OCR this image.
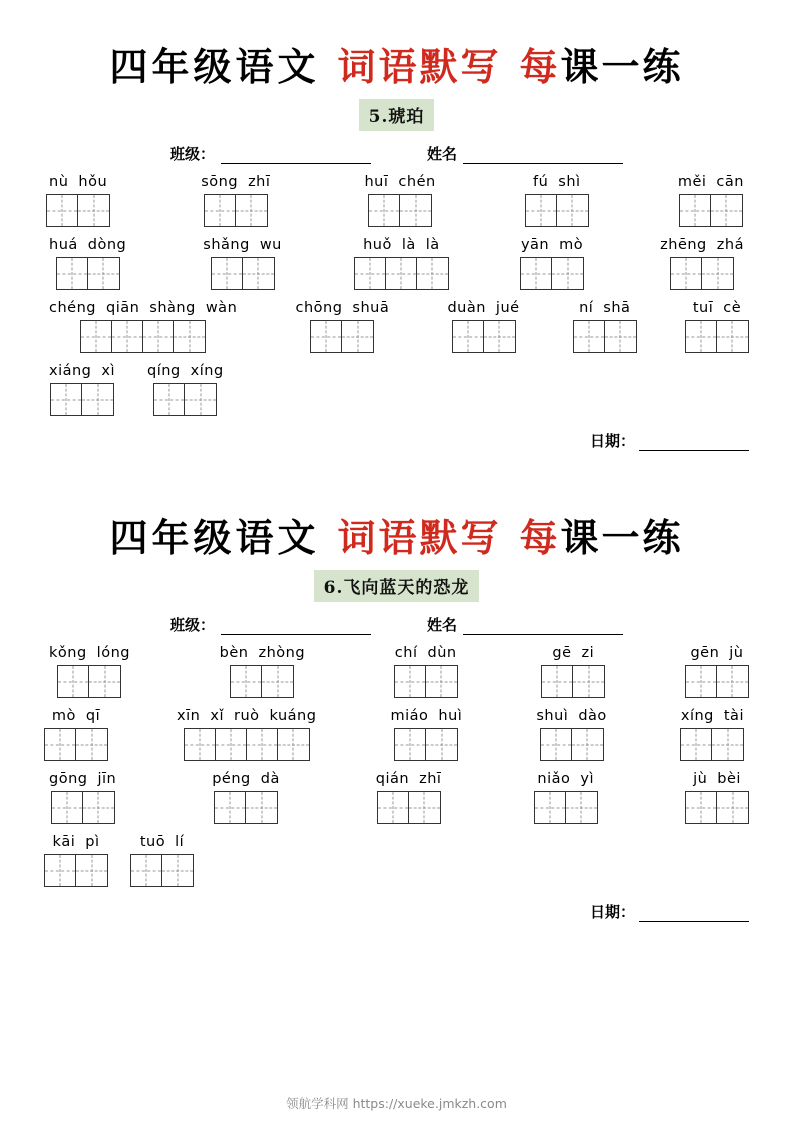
四年级语文 词语默写 每课一练
5.琥珀
班级：	姓名
nù hǒu	sōng zhī	huī chén	fú shì	měi cān
huá dòng	shǎng wu	huǒ là là	yān mò	zhēng zhá
chéng qiān shàng wàn	chōng shuā	duàn jué	ní shā	tuī cè
xiáng xì	qíng xíng
日期：
四年级语文 词语默写 每课一练
6.飞向蓝天的恐龙
班级：	姓名
kǒng lóng	bèn zhòng	chí dùn	gē zi	gēn jù
mò qī	xīn xǐ ruò kuáng	miáo huì	shuì dào	xíng tài
gōng jīn	péng dà	qián zhī	niǎo yì	jù bèi
kāi pì	tuō lí
日期：
领航学科网 https://xueke.jmkzh.com
